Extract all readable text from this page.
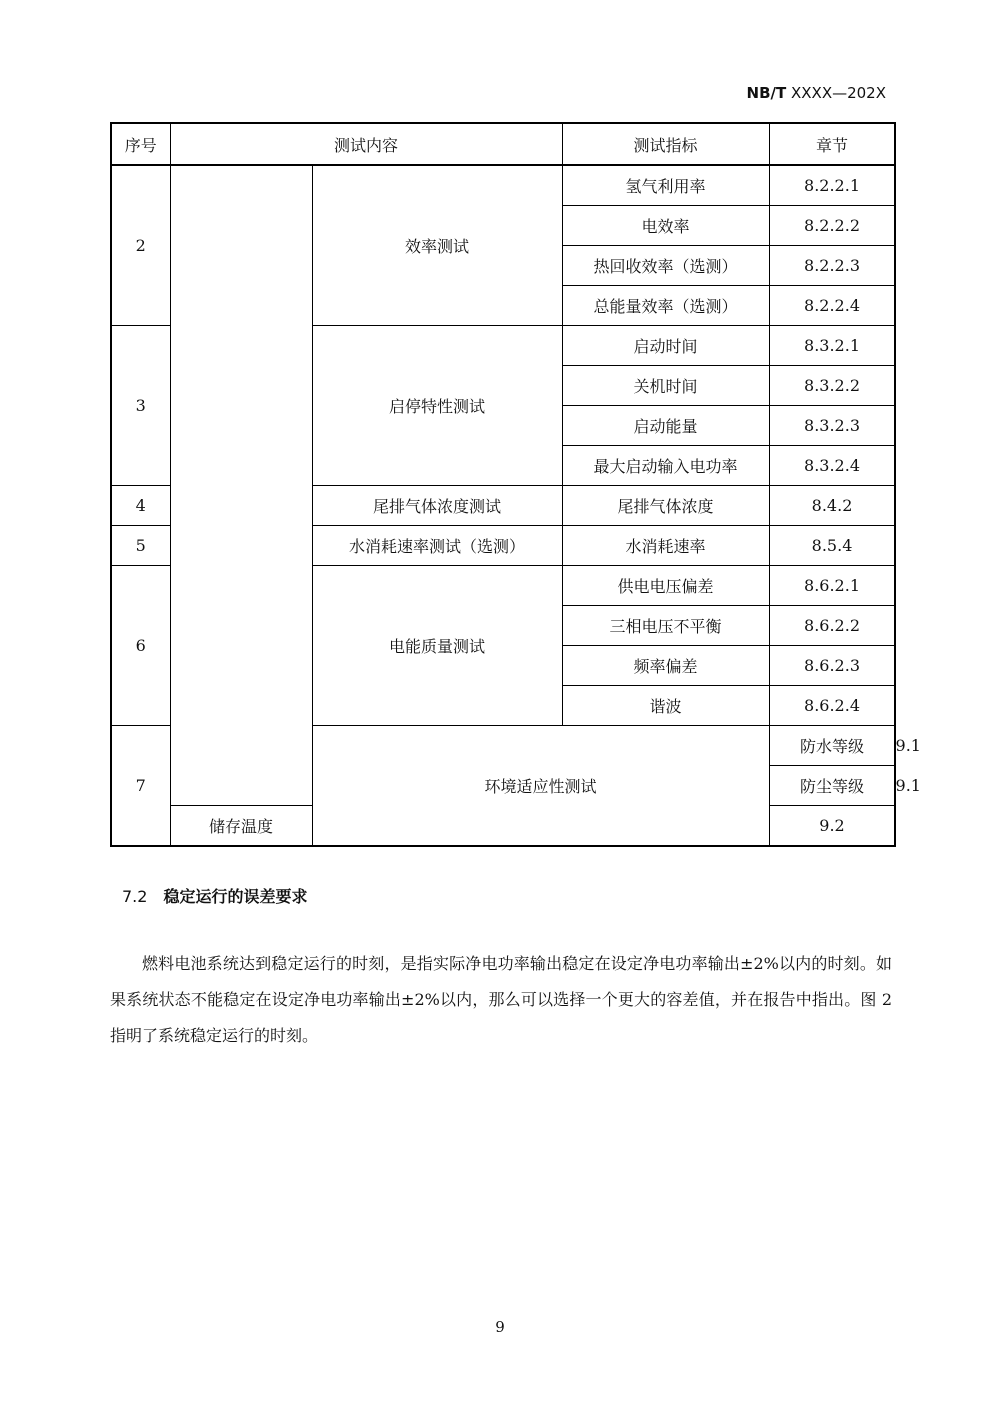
NB/T XXXX—202X
序号	测试内容		测试指标	章节	
2		效率测试	氢气利用率	8.2.2.1	
			电效率	8.2.2.2	
			热回收效率（选测）	8.2.2.3	
			总能量效率（选测）	8.2.2.4	
3		启停特性测试	启动时间	8.3.2.1	
			关机时间	8.3.2.2	
			启动能量	8.3.2.3	
			最大启动输入电功率	8.3.2.4	
4		尾排气体浓度测试	尾排气体浓度	8.4.2	
5		水消耗速率测试（选测）	水消耗速率	8.5.4	
6		电能质量测试	供电电压偏差	8.6.2.1	
			三相电压不平衡	8.6.2.2	
			频率偏差	8.6.2.3	
			谐波	8.6.2.4	
7		环境适应性测试		防水等级	9.1
				防尘等级	9.1
	储存温度			9.2	
7.2 稳定运行的误差要求

燃料电池系统达到稳定运行的时刻，是指实际净电功率输出稳定在设定净电功率输出±2%以内的时刻。如果系统状态不能稳定在设定净电功率输出±2%以内，那么可以选择一个更大的容差值，并在报告中指出。图 2 指明了系统稳定运行的时刻。

9
